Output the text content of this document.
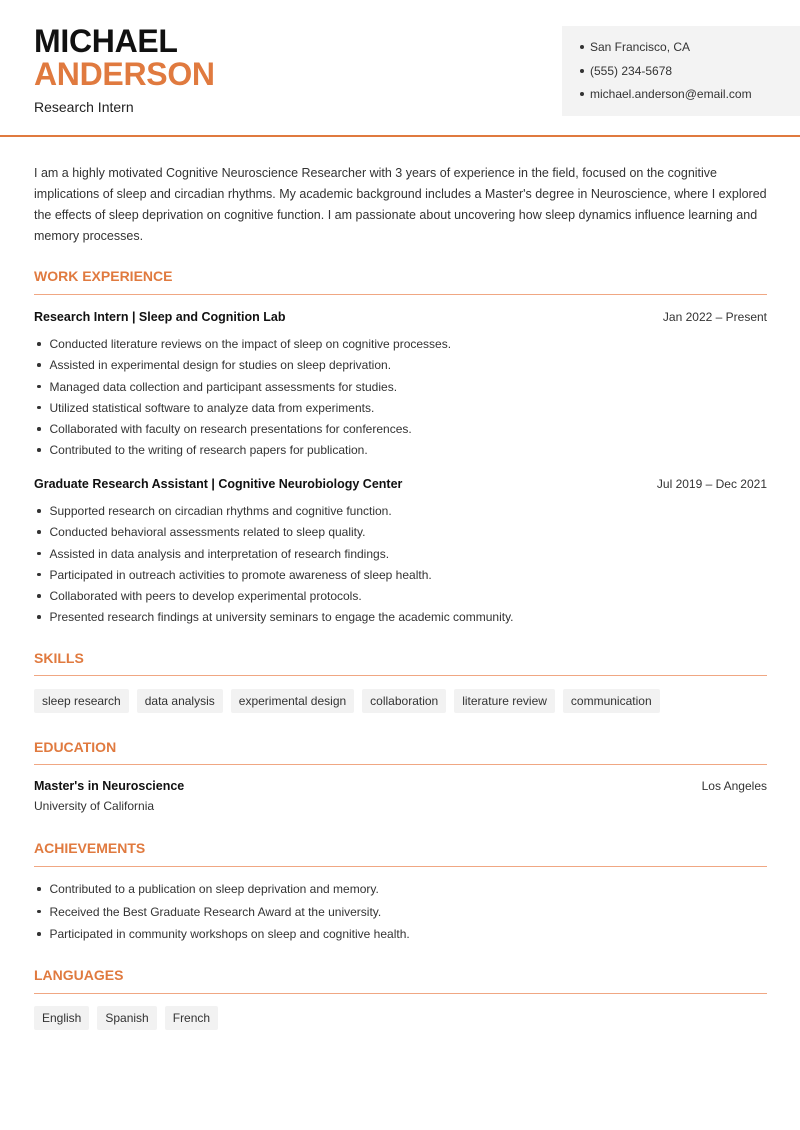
MICHAEL
ANDERSON
Research Intern
San Francisco, CA
(555) 234-5678
michael.anderson@email.com

I am a highly motivated Cognitive Neuroscience Researcher with 3 years of experience in the field, focused on the cognitive implications of sleep and circadian rhythms. My academic background includes a Master's degree in Neuroscience, where I explored the effects of sleep deprivation on cognitive function. I am passionate about uncovering how sleep dynamics influence learning and memory processes.

WORK EXPERIENCE
Research Intern | Sleep and Cognition Lab	Jan 2022 – Present
Conducted literature reviews on the impact of sleep on cognitive processes.
Assisted in experimental design for studies on sleep deprivation.
Managed data collection and participant assessments for studies.
Utilized statistical software to analyze data from experiments.
Collaborated with faculty on research presentations for conferences.
Contributed to the writing of research papers for publication.
Graduate Research Assistant | Cognitive Neurobiology Center	Jul 2019 – Dec 2021
Supported research on circadian rhythms and cognitive function.
Conducted behavioral assessments related to sleep quality.
Assisted in data analysis and interpretation of research findings.
Participated in outreach activities to promote awareness of sleep health.
Collaborated with peers to develop experimental protocols.
Presented research findings at university seminars to engage the academic community.
SKILLS
sleep research	data analysis	experimental design	collaboration	literature review	communication
EDUCATION
Master's in Neuroscience	Los Angeles
University of California
ACHIEVEMENTS
Contributed to a publication on sleep deprivation and memory.
Received the Best Graduate Research Award at the university.
Participated in community workshops on sleep and cognitive health.
LANGUAGES
English	Spanish	French
